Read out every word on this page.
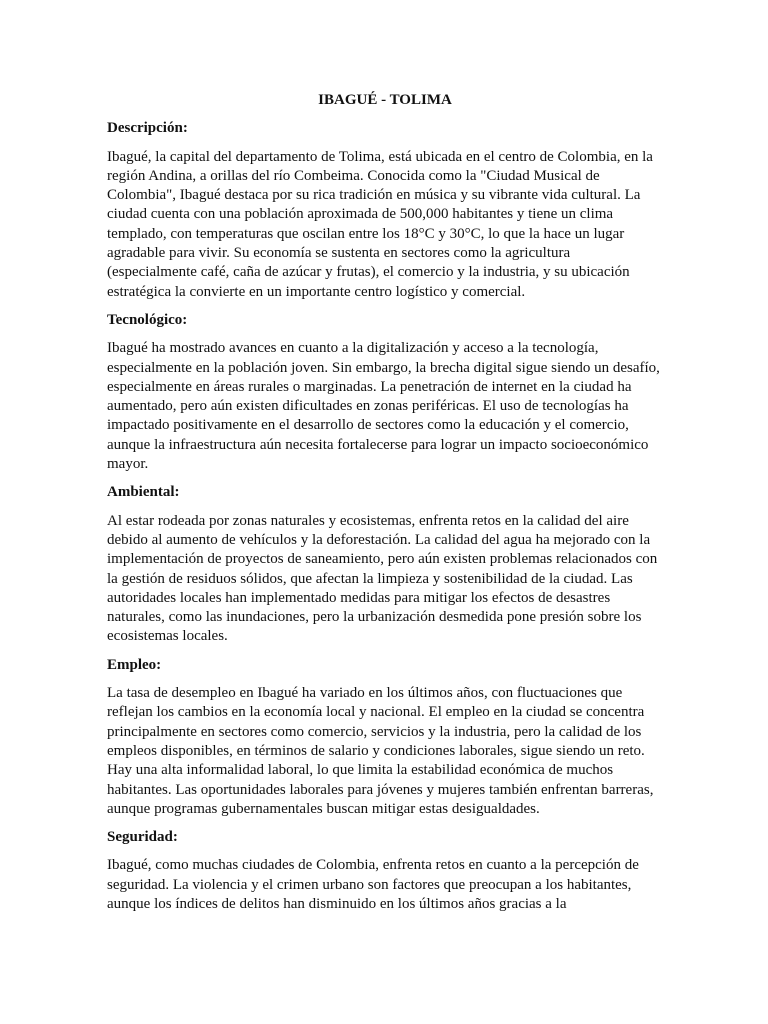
IBAGUÉ - TOLIMA
Descripción:
Ibagué, la capital del departamento de Tolima, está ubicada en el centro de Colombia, en la región Andina, a orillas del río Combeima. Conocida como la "Ciudad Musical de Colombia", Ibagué destaca por su rica tradición en música y su vibrante vida cultural. La ciudad cuenta con una población aproximada de 500,000 habitantes y tiene un clima templado, con temperaturas que oscilan entre los 18°C y 30°C, lo que la hace un lugar agradable para vivir. Su economía se sustenta en sectores como la agricultura (especialmente café, caña de azúcar y frutas), el comercio y la industria, y su ubicación estratégica la convierte en un importante centro logístico y comercial.
Tecnológico:
Ibagué ha mostrado avances en cuanto a la digitalización y acceso a la tecnología, especialmente en la población joven. Sin embargo, la brecha digital sigue siendo un desafío, especialmente en áreas rurales o marginadas. La penetración de internet en la ciudad ha aumentado, pero aún existen dificultades en zonas periféricas. El uso de tecnologías ha impactado positivamente en el desarrollo de sectores como la educación y el comercio, aunque la infraestructura aún necesita fortalecerse para lograr un impacto socioeconómico mayor.
Ambiental:
Al estar rodeada por zonas naturales y ecosistemas, enfrenta retos en la calidad del aire debido al aumento de vehículos y la deforestación. La calidad del agua ha mejorado con la implementación de proyectos de saneamiento, pero aún existen problemas relacionados con la gestión de residuos sólidos, que afectan la limpieza y sostenibilidad de la ciudad. Las autoridades locales han implementado medidas para mitigar los efectos de desastres naturales, como las inundaciones, pero la urbanización desmedida pone presión sobre los ecosistemas locales.
Empleo:
La tasa de desempleo en Ibagué ha variado en los últimos años, con fluctuaciones que reflejan los cambios en la economía local y nacional. El empleo en la ciudad se concentra principalmente en sectores como comercio, servicios y la industria, pero la calidad de los empleos disponibles, en términos de salario y condiciones laborales, sigue siendo un reto. Hay una alta informalidad laboral, lo que limita la estabilidad económica de muchos habitantes. Las oportunidades laborales para jóvenes y mujeres también enfrentan barreras, aunque programas gubernamentales buscan mitigar estas desigualdades.
Seguridad:
Ibagué, como muchas ciudades de Colombia, enfrenta retos en cuanto a la percepción de seguridad. La violencia y el crimen urbano son factores que preocupan a los habitantes, aunque los índices de delitos han disminuido en los últimos años gracias a la
